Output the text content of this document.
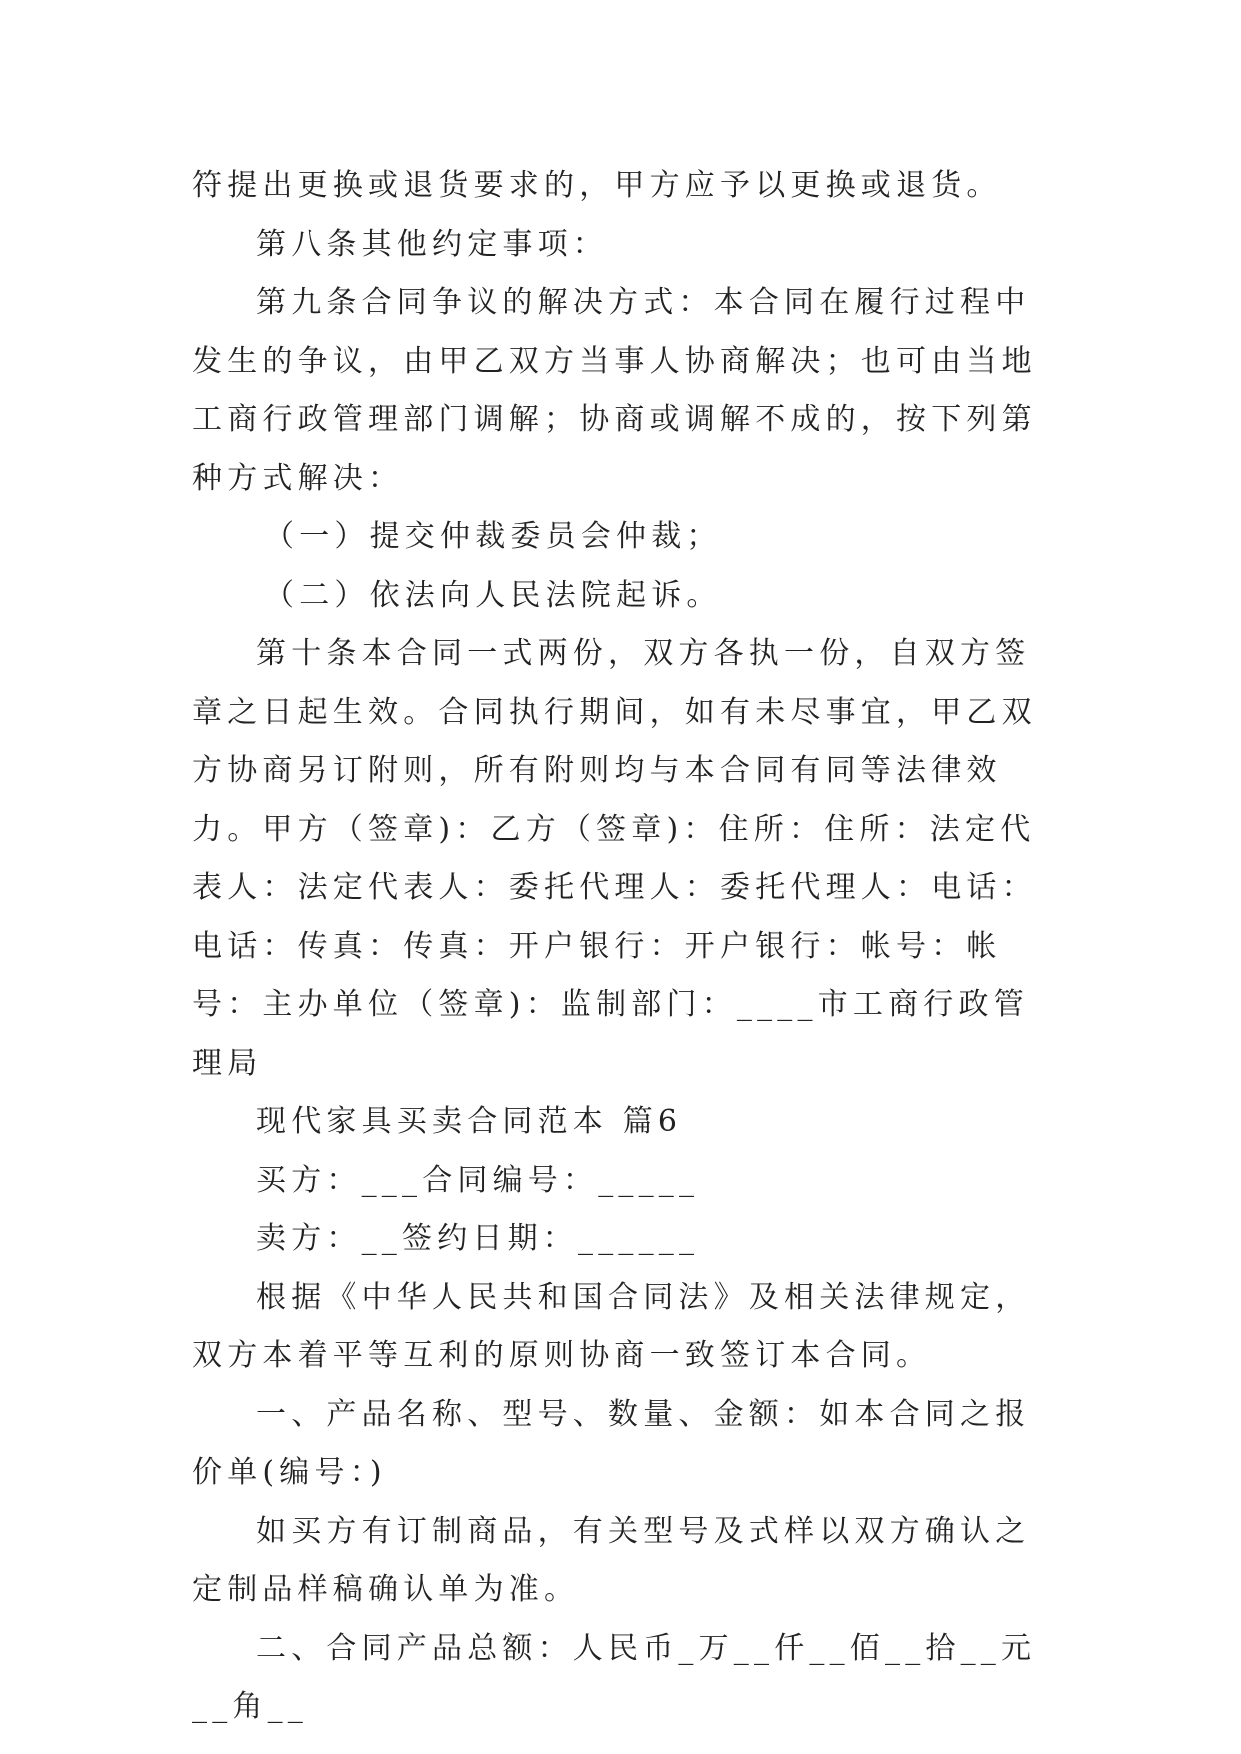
符提出更换或退货要求的，甲方应予以更换或退货。

第八条其他约定事项：

第九条合同争议的解决方式：本合同在履行过程中发生的争议，由甲乙双方当事人协商解决；也可由当地工商行政管理部门调解；协商或调解不成的，按下列第种方式解决：

（一）提交仲裁委员会仲裁；

（二）依法向人民法院起诉。

第十条本合同一式两份，双方各执一份，自双方签章之日起生效。合同执行期间，如有未尽事宜，甲乙双方协商另订附则，所有附则均与本合同有同等法律效力。甲方（签章)：乙方（签章)：住所：住所：法定代表人：法定代表人：委托代理人：委托代理人：电话：电话：传真：传真：开户银行：开户银行：帐号：帐号：主办单位（签章)：监制部门：____市工商行政管理局

现代家具买卖合同范本 篇6

买方：___合同编号：_____

卖方：__签约日期：______

根据《中华人民共和国合同法》及相关法律规定，双方本着平等互利的原则协商一致签订本合同。

一、产品名称、型号、数量、金额：如本合同之报价单(编号：)

如买方有订制商品，有关型号及式样以双方确认之定制品样稿确认单为准。

二、合同产品总额：人民币_万__仟__佰__拾__元__角__
